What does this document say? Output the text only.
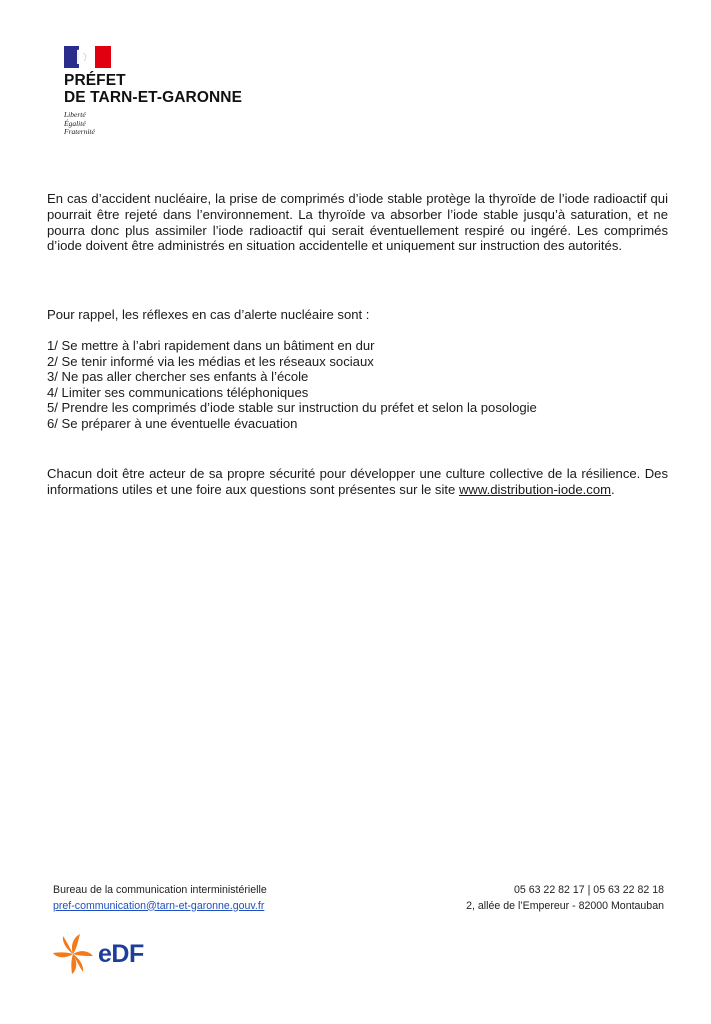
PRÉFET
DE TARN-ET-GARONNE
Liberté
Égalité
Fraternité

En cas d’accident nucléaire, la prise de comprimés d’iode stable protège la thyroïde de l’iode radioactif qui pourrait être rejeté dans l’environnement. La thyroïde va absorber l’iode stable jusqu’à saturation, et ne pourra donc plus assimiler l’iode radioactif qui serait éventuellement respiré ou ingéré. Les comprimés d’iode doivent être administrés en situation accidentelle et uniquement sur instruction des autorités.

Pour rappel, les réflexes en cas d’alerte nucléaire sont :

1/ Se mettre à l’abri rapidement dans un bâtiment en dur
2/ Se tenir informé via les médias et les réseaux sociaux
3/ Ne pas aller chercher ses enfants à l’école
4/ Limiter ses communications téléphoniques
5/ Prendre les comprimés d’iode stable sur instruction du préfet et selon la posologie
6/ Se préparer à une éventuelle évacuation

Chacun doit être acteur de sa propre sécurité pour développer une culture collective de la résilience. Des informations utiles et une foire aux questions sont présentes sur le site www.distribution-iode.com.

Bureau de la communication interministérielle
pref-communication@tarn-et-garonne.gouv.fr
05 63 22 82 17 | 05 63 22 82 18
2, allée de l’Empereur - 82000 Montauban
eDF
